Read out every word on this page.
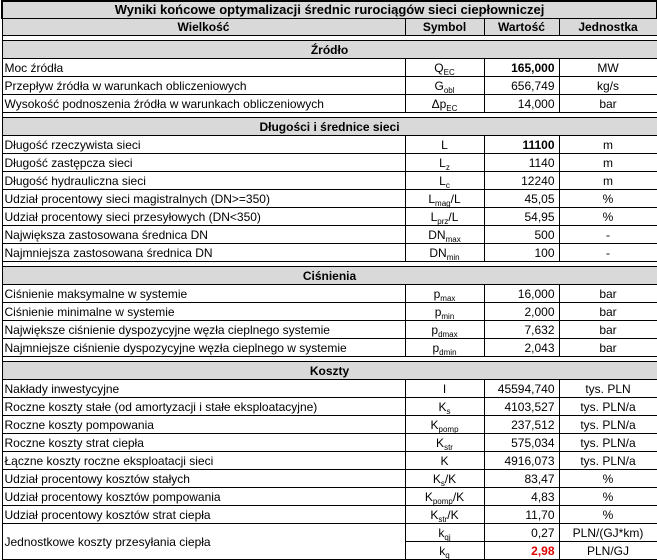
Wyniki końcowe optymalizacji średnic rurociągów sieci ciepłowniczej			
Wielkość	Symbol	Wartość	Jednostka

Źródło			
Moc źródła	$Q_{EC}$	165,000	MW
Przepływ źródła w warunkach obliczeniowych	$G_{obl}$	656,749	kg/s
Wysokość podnoszenia źródła w warunkach obliczeniowych	$\Delta p_{EC}$	14,000	bar

Długości i średnice sieci			
Długość rzeczywista sieci	L	11100	m
Długość zastępcza sieci	$L_z$	1140	m
Długość hydrauliczna sieci	$L_c$	12240	m
Udział procentowy sieci magistralnych (DN>=350)	$L_{mag}/L$	45,05	%
Udział procentowy sieci przesyłowych (DN<350)	$L_{prz}/L$	54,95	%
Największa zastosowana średnica DN	$DN_{max}$	500	-
Najmniejsza zastosowana średnica DN	$DN_{min}$	100	-

Ciśnienia			
Ciśnienie maksymalne w systemie	$p_{max}$	16,000	bar
Ciśnienie minimalne w systemie	$p_{min}$	2,000	bar
Największe ciśnienie dyspozycyjne węzła cieplnego systemie	$p_{dmax}$	7,632	bar
Najmniejsze ciśnienie dyspozycyjne węzła cieplnego w systemie	$p_{dmin}$	2,043	bar

Koszty			
Nakłady inwestycyjne	I	45594,740	tys. PLN
Roczne koszty stałe (od amortyzacji i stałe eksploatacyjne)	$K_s$	4103,527	tys. PLN/a
Roczne koszty pompowania	$K_{pomp}$	237,512	tys. PLN/a
Roczne koszty strat ciepła	$K_{str}$	575,034	tys. PLN/a
Łączne koszty roczne eksploatacji sieci	K	4916,073	tys. PLN/a
Udział procentowy kosztów stałych	$K_s/K$	83,47	%
Udział procentowy kosztów pompowania	$K_{pomp}/K$	4,83	%
Udział procentowy kosztów strat ciepła	$K_{str}/K$	11,70	%
Jednostkowe koszty przesyłania ciepła	$k_{qj}$	0,27	PLN/(GJ*km)
	$k_q$	2,98	PLN/GJ
